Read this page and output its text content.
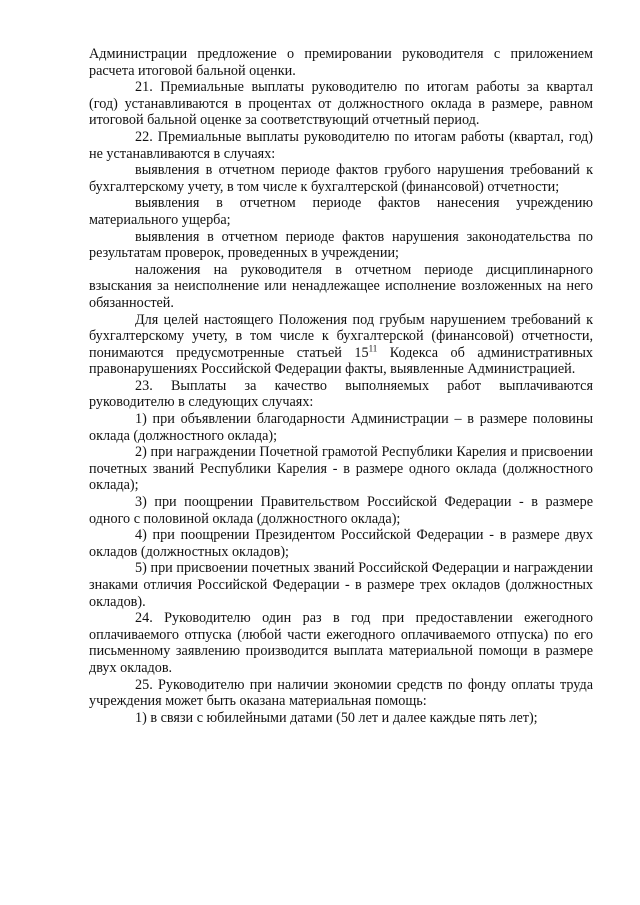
Администрации предложение о премировании руководителя с приложением расчета итоговой бальной оценки.

21. Премиальные выплаты руководителю по итогам работы за квартал (год) устанавливаются в процентах от должностного оклада в размере, равном итоговой бальной оценке за соответствующий отчетный период.

22. Премиальные выплаты руководителю по итогам работы (квартал, год) не устанавливаются в случаях:

выявления в отчетном периоде фактов грубого нарушения требований к бухгалтерскому учету, в том числе к бухгалтерской (финансовой) отчетности;

выявления в отчетном периоде фактов нанесения учреждению материального ущерба;

выявления в отчетном периоде фактов нарушения законодательства по результатам проверок, проведенных в учреждении;

наложения на руководителя в отчетном периоде дисциплинарного взыскания за неисполнение или ненадлежащее исполнение возложенных на него обязанностей.

Для целей настоящего Положения под грубым нарушением требований к бухгалтерскому учету, в том числе к бухгалтерской (финансовой) отчетности, понимаются предусмотренные статьей $15^{11}$ Кодекса об административных правонарушениях Российской Федерации факты, выявленные Администрацией.

23. Выплаты за качество выполняемых работ выплачиваются руководителю в следующих случаях:

1) при объявлении благодарности Администрации – в размере половины оклада (должностного оклада);

2) при награждении Почетной грамотой Республики Карелия и присвоении почетных званий Республики Карелия - в размере одного оклада (должностного оклада);

3) при поощрении Правительством Российской Федерации - в размере одного с половиной оклада (должностного оклада);

4) при поощрении Президентом Российской Федерации - в размере двух окладов (должностных окладов);

5) при присвоении почетных званий Российской Федерации и награждении знаками отличия Российской Федерации - в размере трех окладов (должностных окладов).

24. Руководителю один раз в год при предоставлении ежегодного оплачиваемого отпуска (любой части ежегодного оплачиваемого отпуска) по его письменному заявлению производится выплата материальной помощи в размере двух окладов.

25. Руководителю при наличии экономии средств по фонду оплаты труда учреждения может быть оказана материальная помощь:

1) в связи с юбилейными датами (50 лет и далее каждые пять лет);
